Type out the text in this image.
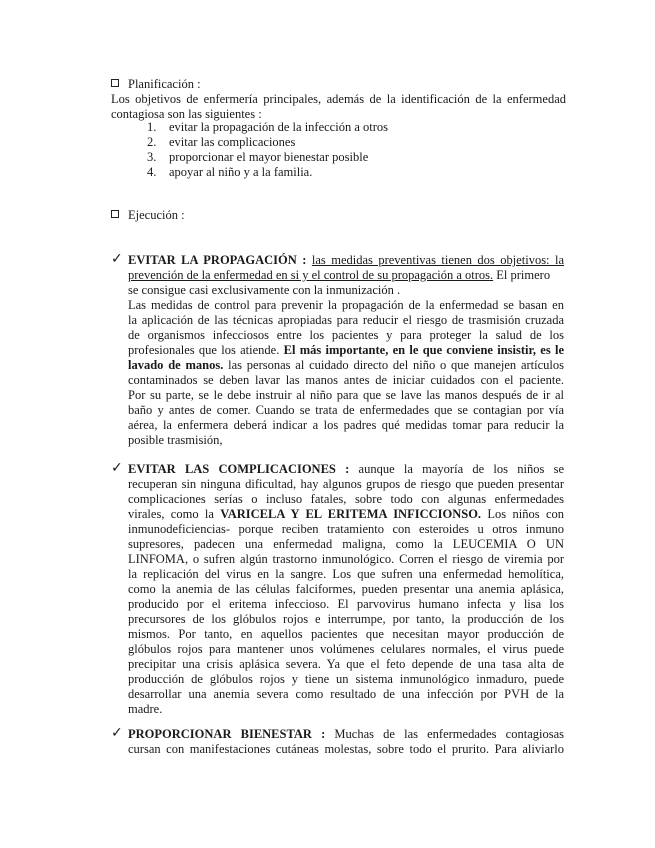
Planificación :
Los objetivos de enfermería principales, además de la identificación de la enfermedad
contagiosa son las siguientes :
1. evitar la propagación de la infección a otros
2. evitar las complicaciones
3. proporcionar el mayor bienestar posible
4. apoyar al niño y a la familia.
Ejecución :
✓ EVITAR LA PROPAGACIÓN : las medidas preventivas tienen dos objetivos: la
prevención de la enfermedad en si y el control de su propagación a otros. El primero
se consigue casi exclusivamente con la inmunización .
Las medidas de control para prevenir la propagación de la enfermedad se basan en
la aplicación de las técnicas apropiadas para reducir el riesgo de trasmisión cruzada
de organismos infecciosos entre los pacientes y para proteger la salud de los
profesionales que los atiende. El más importante, en le que conviene insistir, es le
lavado de manos. las personas al cuidado directo del niño o que manejen artículos
contaminados se deben lavar las manos antes de iniciar cuidados con el paciente.
Por su parte, se le debe instruir al niño para que se lave las manos después de ir al
baño y antes de comer. Cuando se trata de enfermedades que se contagian por vía
aérea, la enfermera deberá indicar a los padres qué medidas tomar para reducir la
posible trasmisión,
✓ EVITAR LAS COMPLICACIONES : aunque la mayoría de los niños se
recuperan sin ninguna dificultad, hay algunos grupos de riesgo que pueden presentar
complicaciones serías o incluso fatales, sobre todo con algunas enfermedades
virales, como la VARICELA Y EL ERITEMA INFICCIONSO. Los niños con
inmunodeficiencias- porque reciben tratamiento con esteroides u otros inmuno
supresores, padecen una enfermedad maligna, como la LEUCEMIA O UN
LINFOMA, o sufren algún trastorno inmunológico. Corren el riesgo de viremia por
la replicación del virus en la sangre. Los que sufren una enfermedad hemolítica,
como la anemia de las células falciformes, pueden presentar una anemia aplásica,
producido por el eritema infeccioso. El parvovirus humano infecta y lisa los
precursores de los glóbulos rojos e interrumpe, por tanto, la producción de los
mismos. Por tanto, en aquellos pacientes que necesitan mayor producción de
glóbulos rojos para mantener unos volúmenes celulares normales, el virus puede
precipitar una crisis aplásica severa. Ya que el feto depende de una tasa alta de
producción de glóbulos rojos y tiene un sistema inmunológico inmaduro, puede
desarrollar una anemia severa como resultado de una infección por PVH de la
madre.
✓ PROPORCIONAR BIENESTAR : Muchas de las enfermedades contagiosas
cursan con manifestaciones cutáneas molestas, sobre todo el prurito. Para aliviarlo
